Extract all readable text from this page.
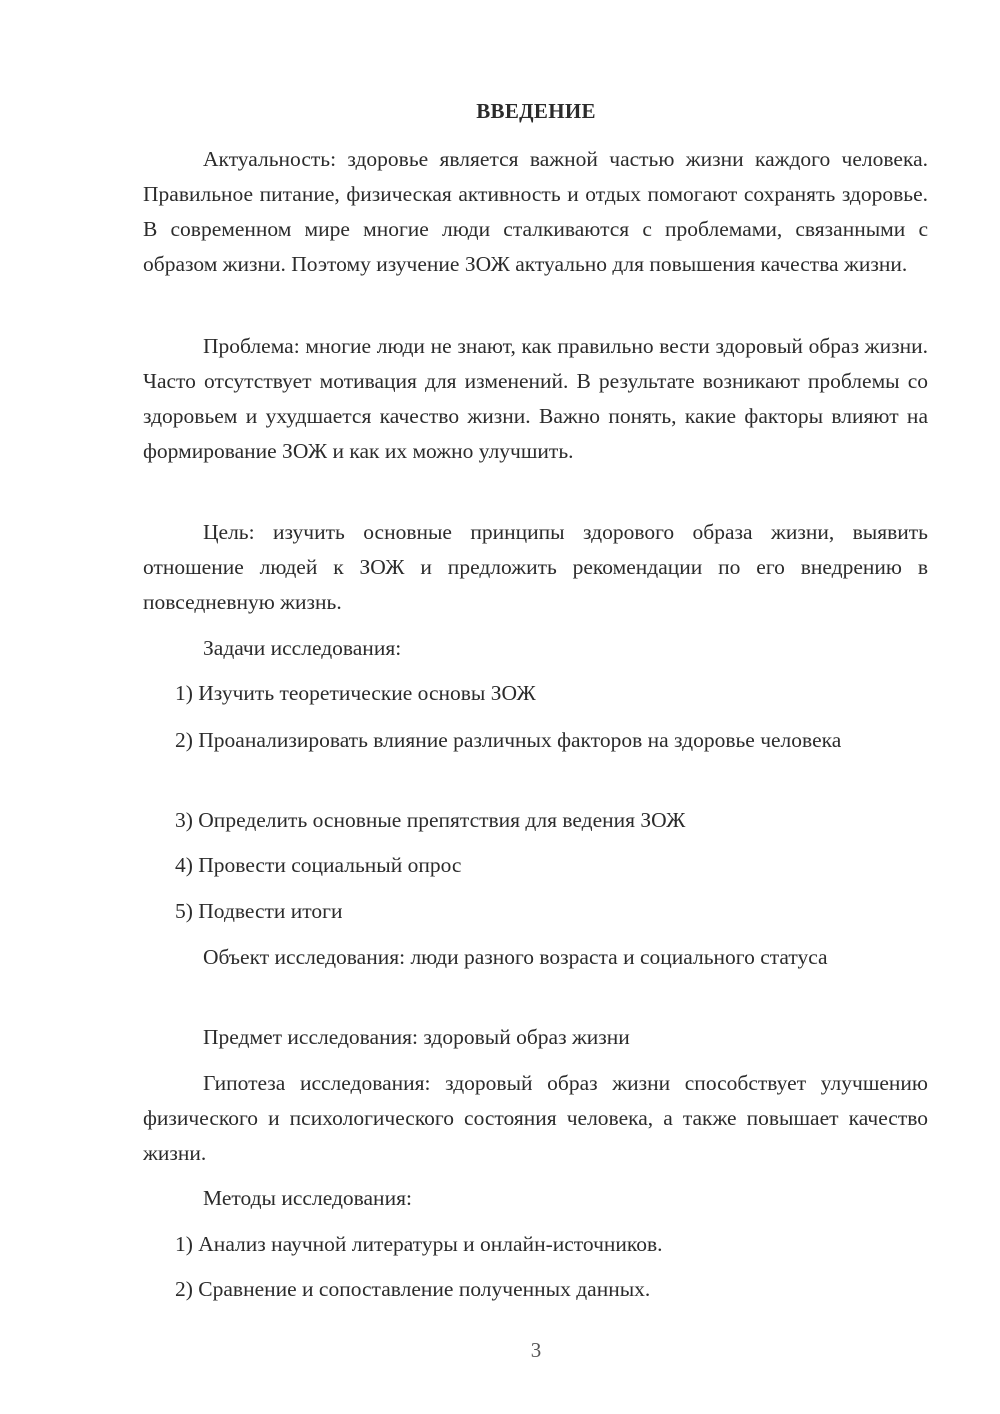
ВВЕДЕНИЕ

Актуальность: здоровье является важной частью жизни каждого человека. Правильное питание, физическая активность и отдых помогают сохранять здоровье. В современном мире многие люди сталкиваются с проблемами, связанными с образом жизни. Поэтому изучение ЗОЖ актуально для повышения качества жизни.

Проблема: многие люди не знают, как правильно вести здоровый образ жизни. Часто отсутствует мотивация для изменений. В результате возникают проблемы со здоровьем и ухудшается качество жизни. Важно понять, какие факторы влияют на формирование ЗОЖ и как их можно улучшить.

Цель: изучить основные принципы здорового образа жизни, выявить отношение людей к ЗОЖ и предложить рекомендации по его внедрению в повседневную жизнь.

Задачи исследования:

1) Изучить теоретические основы ЗОЖ

2) Проанализировать влияние различных факторов на здоровье человека

3) Определить основные препятствия для ведения ЗОЖ

4) Провести социальный опрос

5) Подвести итоги

Объект исследования: люди разного возраста и социального статуса

Предмет исследования: здоровый образ жизни

Гипотеза исследования: здоровый образ жизни способствует улучшению физического и психологического состояния человека, а также повышает качество жизни.

Методы исследования:

1) Анализ научной литературы и онлайн-источников.

2) Сравнение и сопоставление полученных данных.

3
